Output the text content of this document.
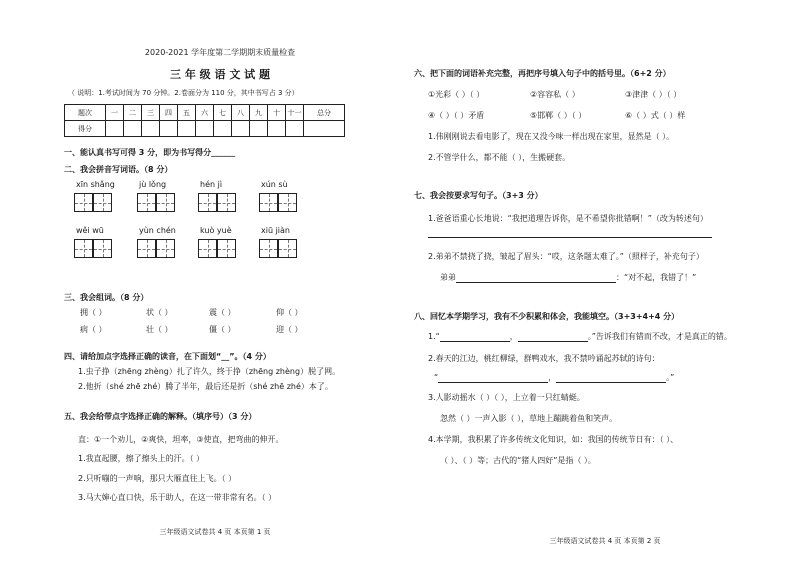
2020-2021 学年度第二学期期末质量检查
三 年 级 语 文 试 题
（ 说明：1.考试时间为 70 分钟。2.卷面分为 110 分，其中书写占 3 分）
题次	一	二	三	四	五	六	七	八	九	十	十一	总分
得分												
一、能认真书写可得 3 分，即为书写得分______
二、我会拼音写词语。（8 分）
xīn shǎng	jù lǒng	hén jì	xún sù
wěi wū	yùn chén	kuò yuè	xiū jiàn
三、我会组词。（8 分）
拥（ ）	状（ ）	震（ ）	仰（ ）
病（ ）	壮（ ）	僵（ ）	迎（ ）
四、请给加点字选择正确的读音，在下面划“__”。（4 分）
1.虫子挣（zhēng zhèng）扎了许久，终于挣（zhēng zhèng）脱了网。
2.他折（shé zhē zhé）腾了半年，最后还是折（shé zhē zhé）本了。
五、我会给带点字选择正确的解释。（填序号）（3 分）
直：①一个劝儿，②爽快，坦率，③使直，把弯曲的伸开。
1.我直起腰，擦了擦头上的汗。（ ）
2.只听嘣的一声响，那只大雁直往上飞。（ ）
3.马大婶心直口快，乐于助人，在这一带非常有名。（ ）
三年级语文试卷共 4 页 本页第 1 页
六、把下面的词语补充完整，再把序号填入句子中的括号里。（6+2 分）
①光彩（ ）（ ）	②容容私（ ）	③津津（ ）（ ）
④（ ）（ ）矛盾	⑤邯郸（ ）（ ）	⑥（ ）式（ ）样
1.伟刚刚说去看电影了，现在又没今味一样出现在家里，显然是（ ）。
2.不管学什么，都不能（ ），生搬硬套。
七、我会按要求写句子。（3+3 分）
1.爸爸语重心长地说：“我把道理告诉你，是不希望你批错啊！”（改为转述句）
2.弟弟不禁挠了挠，皱起了眉头：“哎，这条题太难了。”（照样子，补充句子）
弟弟	：“对不起，我错了！”
八、回忆本学期学习，我有不少积累和体会，我能填空。（3+3+4+4 分）
1.“	，	。”告诉我们有错而不改，才是真正的错。
2.春天的江边，桃红柳绿，群鸭戏水，我不禁吟诵起苏轼的诗句：
“	，	。”
3.人影动摇水（ ）（ ），上立着一只红蜻蜓。
忽然（ ）一声入影（ ），草地上蹦跳着鱼和笑声。
4.本学期，我积累了许多传统文化知识，如：我国的传统节日有：（ ）、
（ ）、（ ）等；古代的“猪人四好”是指（ ）。
三年级语文试卷共 4 页 本页第 2 页
